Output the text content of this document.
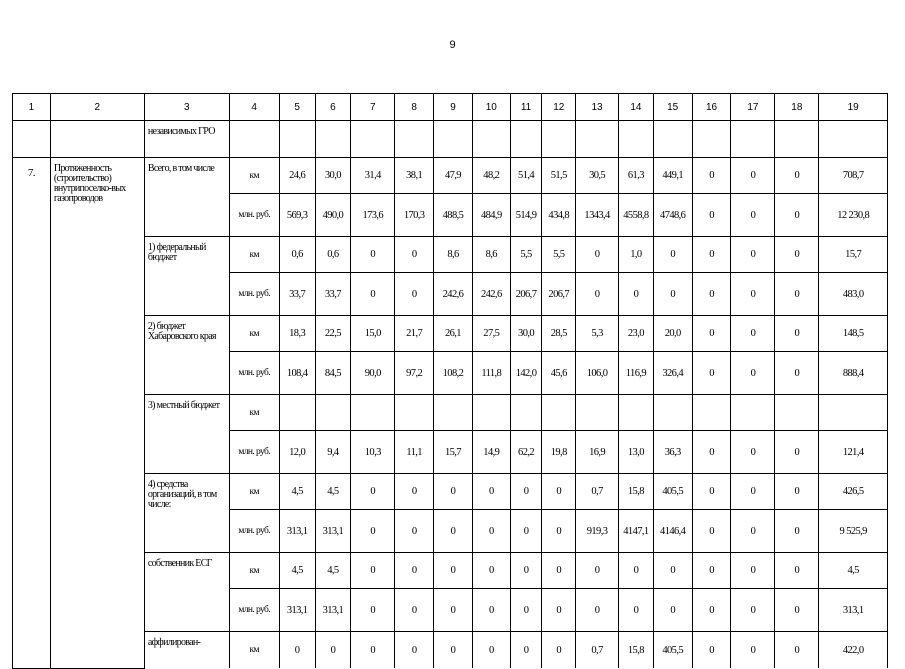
9
1	2	3	4	5	6	7	8	9	10	11	12	13	14	15	16	17	18	19
		независимых ГРО																
7.	Протяженность (строительство) внутрипоселко-вых газопроводов	Всего, в том числе	км	24,6	30,0	31,4	38,1	47,9	48,2	51,4	51,5	30,5	61,3	449,1	0	0	0	708,7
			млн. руб.	569,3	490,0	173,6	170,3	488,5	484,9	514,9	434,8	1343,4	4558,8	4748,6	0	0	0	12 230,8
		1) федеральный бюджет	км	0,6	0,6	0	0	8,6	8,6	5,5	5,5	0	1,0	0	0	0	0	15,7
			млн. руб.	33,7	33,7	0	0	242,6	242,6	206,7	206,7	0	0	0	0	0	0	483,0
		2) бюджет Хабаровского края	км	18,3	22,5	15,0	21,7	26,1	27,5	30,0	28,5	5,3	23,0	20,0	0	0	0	148,5
			млн. руб.	108,4	84,5	90,0	97,2	108,2	111,8	142,0	45,6	106,0	116,9	326,4	0	0	0	888,4
		3) местный бюджет	км															
			млн. руб.	12,0	9,4	10,3	11,1	15,7	14,9	62,2	19,8	16,9	13,0	36,3	0	0	0	121,4
		4) средства организаций, в том числе:	км	4,5	4,5	0	0	0	0	0	0	0,7	15,8	405,5	0	0	0	426,5
			млн. руб.	313,1	313,1	0	0	0	0	0	0	919,3	4147,1	4146,4	0	0	0	9 525,9
		собственник ЕСГ	км	4,5	4,5	0	0	0	0	0	0	0	0	0	0	0	0	4,5
			млн. руб.	313,1	313,1	0	0	0	0	0	0	0	0	0	0	0	0	313,1
		аффилирован-	км	0	0	0	0	0	0	0	0	0,7	15,8	405,5	0	0	0	422,0
